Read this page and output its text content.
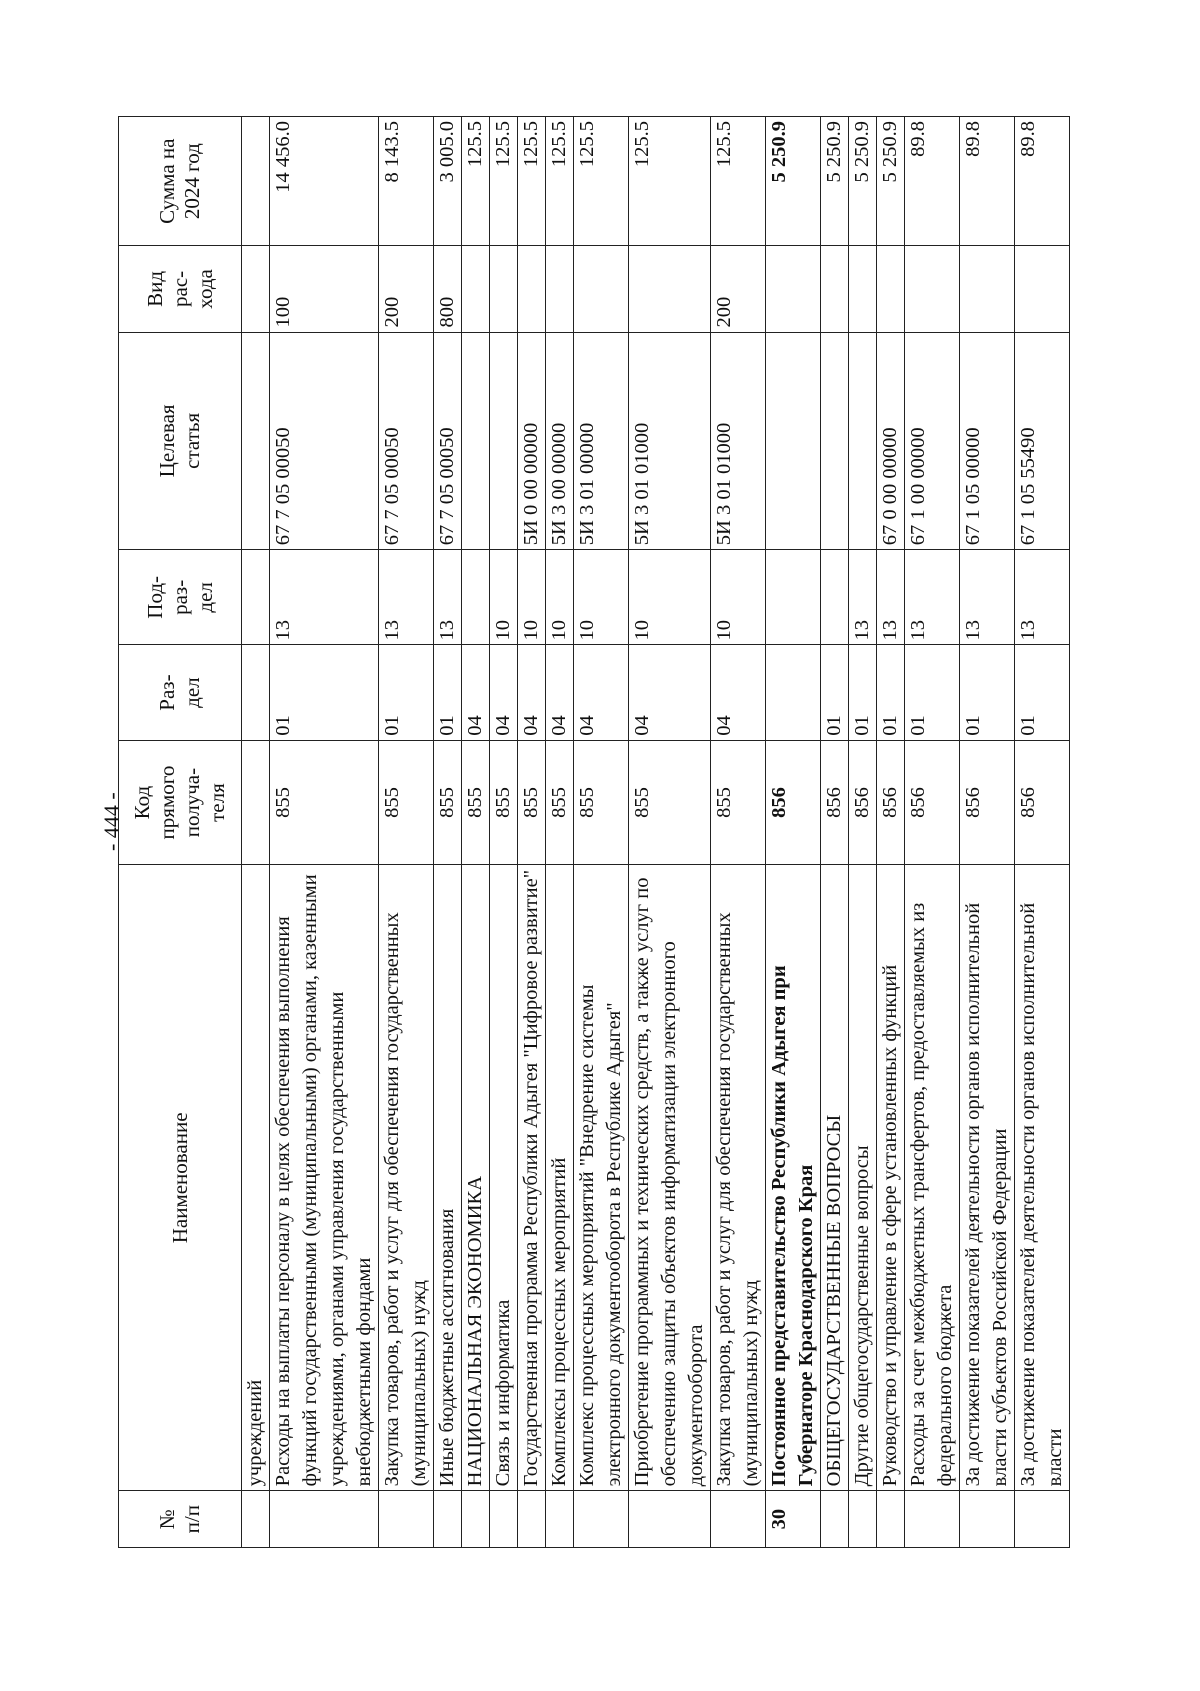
- 444 -
№
п/п	Наименование	Код
прямого
получа-
теля	Раз-
дел	Под-
раз-
дел	Целевая
статья	Вид
рас-
хода	Сумма на
2024 год
	учреждений						
	Расходы на выплаты персоналу в целях обеспечения выполнения функций государственными (муниципальными) органами, казенными учреждениями, органами управления государственными внебюджетными фондами	855	01	13	67 7 05 00050	100	14 456.0
	Закупка товаров, работ и услуг для обеспечения государственных (муниципальных) нужд	855	01	13	67 7 05 00050	200	8 143.5
	Иные бюджетные ассигнования	855	01	13	67 7 05 00050	800	3 005.0
	НАЦИОНАЛЬНАЯ ЭКОНОМИКА	855	04				125.5
	Связь и информатика	855	04	10			125.5
	Государственная программа Республики Адыгея "Цифровое развитие"	855	04	10	5И 0 00 00000		125.5
	Комплексы процессных мероприятий	855	04	10	5И 3 00 00000		125.5
	Комплекс процессных мероприятий "Внедрение системы электронного документооборота в Республике Адыгея"	855	04	10	5И 3 01 00000		125.5
	Приобретение программных и технических средств, а также услуг по обеспечению защиты объектов информатизации электронного документооборота	855	04	10	5И 3 01 01000		125.5
	Закупка товаров, работ и услуг для обеспечения государственных (муниципальных) нужд	855	04	10	5И 3 01 01000	200	125.5
30	Постоянное представительство Республики Адыгея при Губернаторе Краснодарского Края	856					5 250.9
	ОБЩЕГОСУДАРСТВЕННЫЕ ВОПРОСЫ	856	01				5 250.9
	Другие общегосударственные вопросы	856	01	13			5 250.9
	Руководство и управление в сфере установленных функций	856	01	13	67 0 00 00000		5 250.9
	Расходы за счет межбюджетных трансфертов, предоставляемых из федерального бюджета	856	01	13	67 1 00 00000		89.8
	За достижение показателей деятельности органов исполнительной власти субъектов Российской Федерации	856	01	13	67 1 05 00000		89.8
	За достижение показателей деятельности органов исполнительной власти	856	01	13	67 1 05 55490		89.8
